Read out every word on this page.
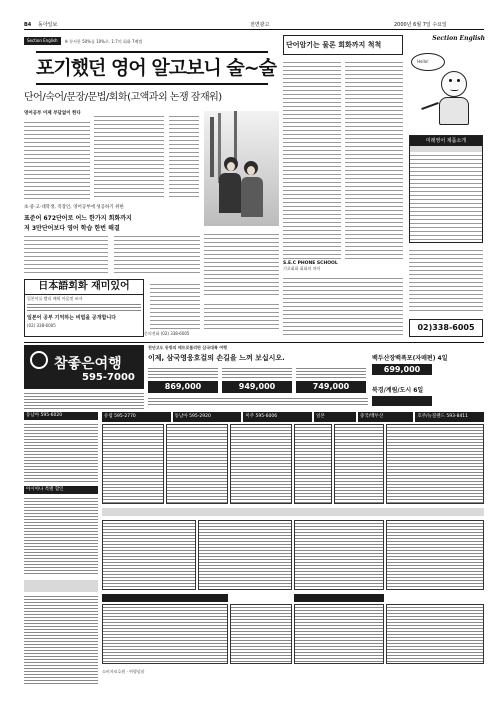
B4 동아일보	전면광고	2000년 6월 7일 수요일
Section English	※ 분사한 50%를 10%로. 1:7의 회화 7배법
포기했던 영어 알고보니 술~술
단어/숙어/문장/문법/회화(고액과외 논쟁 잠재워)
영어공부 이제 부담없이 한다
초·중·고·대학생, 직장인, 영어공부에 성공하기 위한
표준어 672단어로 어느 한가지 회화까지
저 3만단어보다 영어 학습 한번 해결
日本語회화 재미있어
일본어를 빨리 배워 마음껏 쓰자
일본어 공부 기억하는 비법을 공개합니다
(02) 338-6005
문의전화 (02) 338-6005
단어암기는 물론 회화까지 척척
S.E.C PHONE SCHOOL
기초회화 회화의 차이
Section English
Hello!
미래영어 제품소개
02)338-6005
참좋은여행
595-7000
천년고도 동방의 메트로폴리탄 삼국대륙 여행
이제, 삼국영웅호걸의 손길을 느껴 보십시오.
869,000	949,000	749,000
백두산장백폭포(자매편) 4일
699,000
북경/계림/도시 6일
동남아 595-6020
아시아나 특별 할인
유럽 595-2770	동남아 595-2920	미주 595-6006	일본	중국/백두산	호주/뉴질랜드 593-8411
소비자보호원 · 여행상품
